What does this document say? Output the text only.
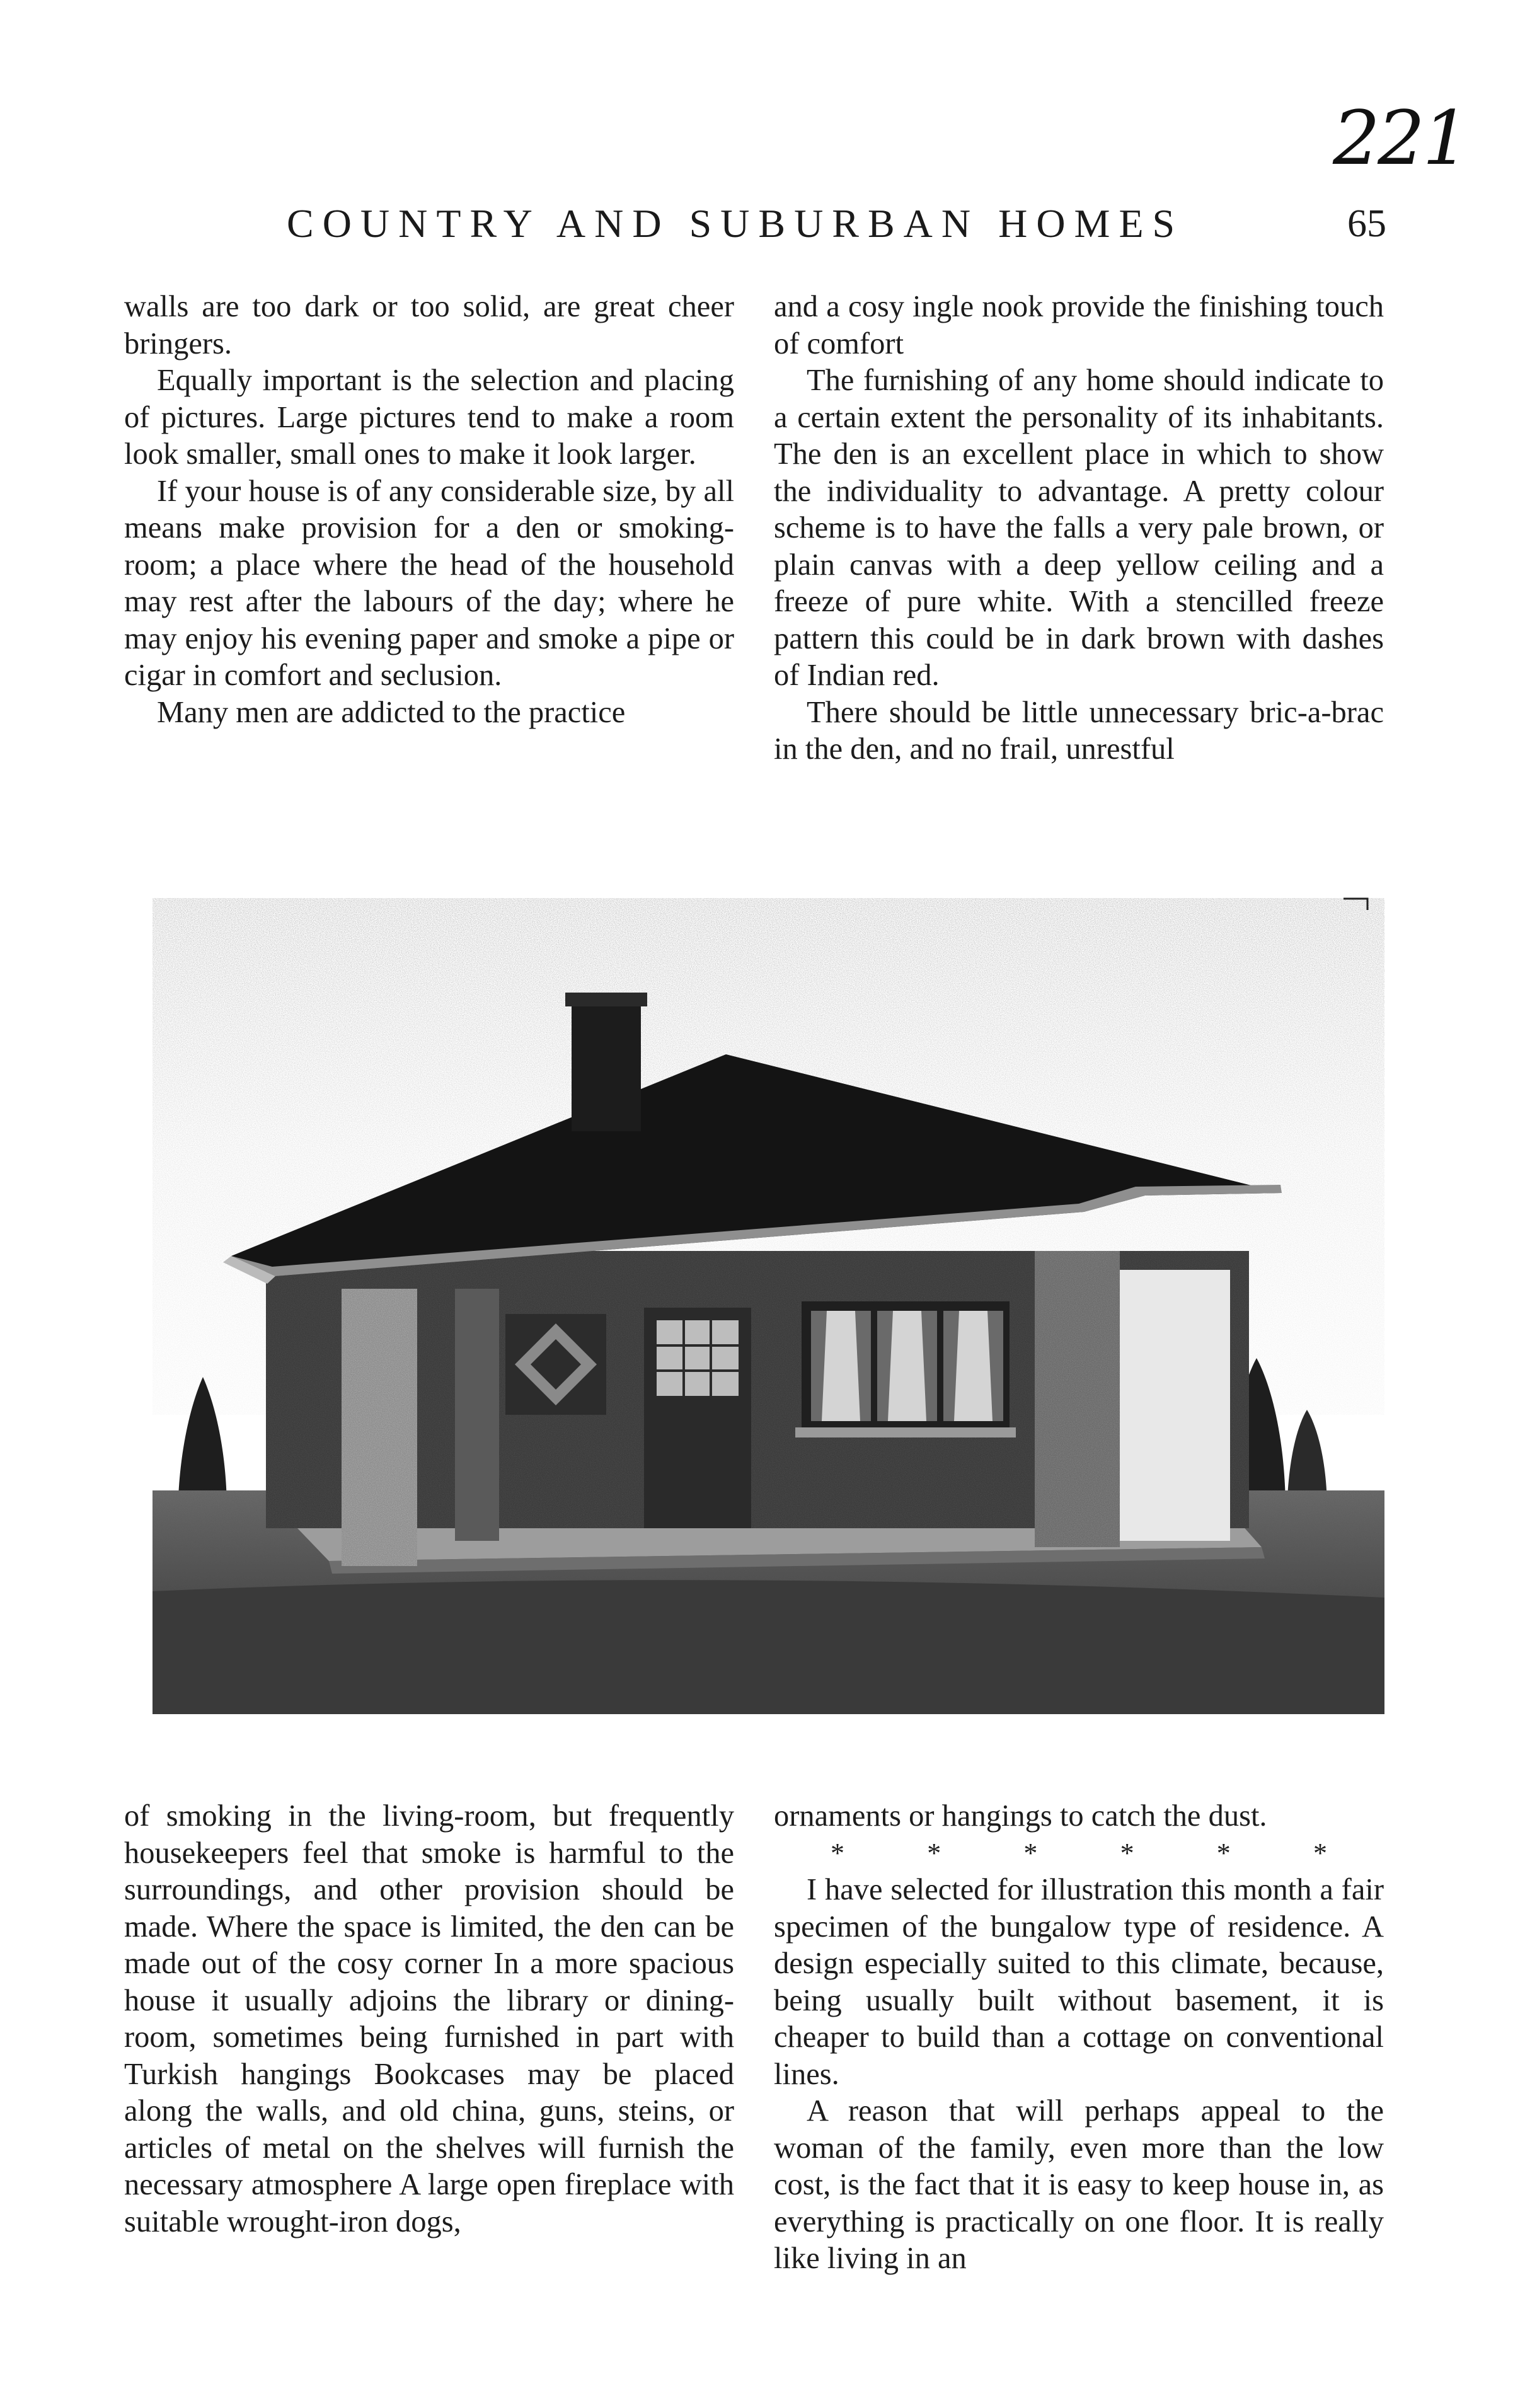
221
COUNTRY AND SUBURBAN HOMES	65

walls are too dark or too solid, are great cheer bringers.

Equally important is the selection and placing of pictures. Large pictures tend to make a room look smaller, small ones to make it look larger.

If your house is of any considerable size, by all means make provision for a den or smoking-room; a place where the head of the household may rest after the labours of the day; where he may enjoy his evening paper and smoke a pipe or cigar in comfort and seclusion.

Many men are addicted to the practice

and a cosy ingle nook provide the finishing touch of comfort

The furnishing of any home should indicate to a certain extent the personality of its inhabitants. The den is an excellent place in which to show the individuality to advantage. A pretty colour scheme is to have the falls a very pale brown, or plain canvas with a deep yellow ceiling and a freeze of pure white. With a stencilled freeze pattern this could be in dark brown with dashes of Indian red.

There should be little unnecessary bric-a-brac in the den, and no frail, unrestful

of smoking in the living-room, but frequently housekeepers feel that smoke is harmful to the surroundings, and other provision should be made. Where the space is limited, the den can be made out of the cosy corner In a more spacious house it usually adjoins the library or dining-room, sometimes being furnished in part with Turkish hangings Bookcases may be placed along the walls, and old china, guns, steins, or articles of metal on the shelves will furnish the necessary atmosphere A large open fireplace with suitable wrought-iron dogs,

ornaments or hangings to catch the dust.

* * * * * *

I have selected for illustration this month a fair specimen of the bungalow type of residence. A design especially suited to this climate, because, being usually built without basement, it is cheaper to build than a cottage on conventional lines.

A reason that will perhaps appeal to the woman of the family, even more than the low cost, is the fact that it is easy to keep house in, as everything is practically on one floor. It is really like living in an
